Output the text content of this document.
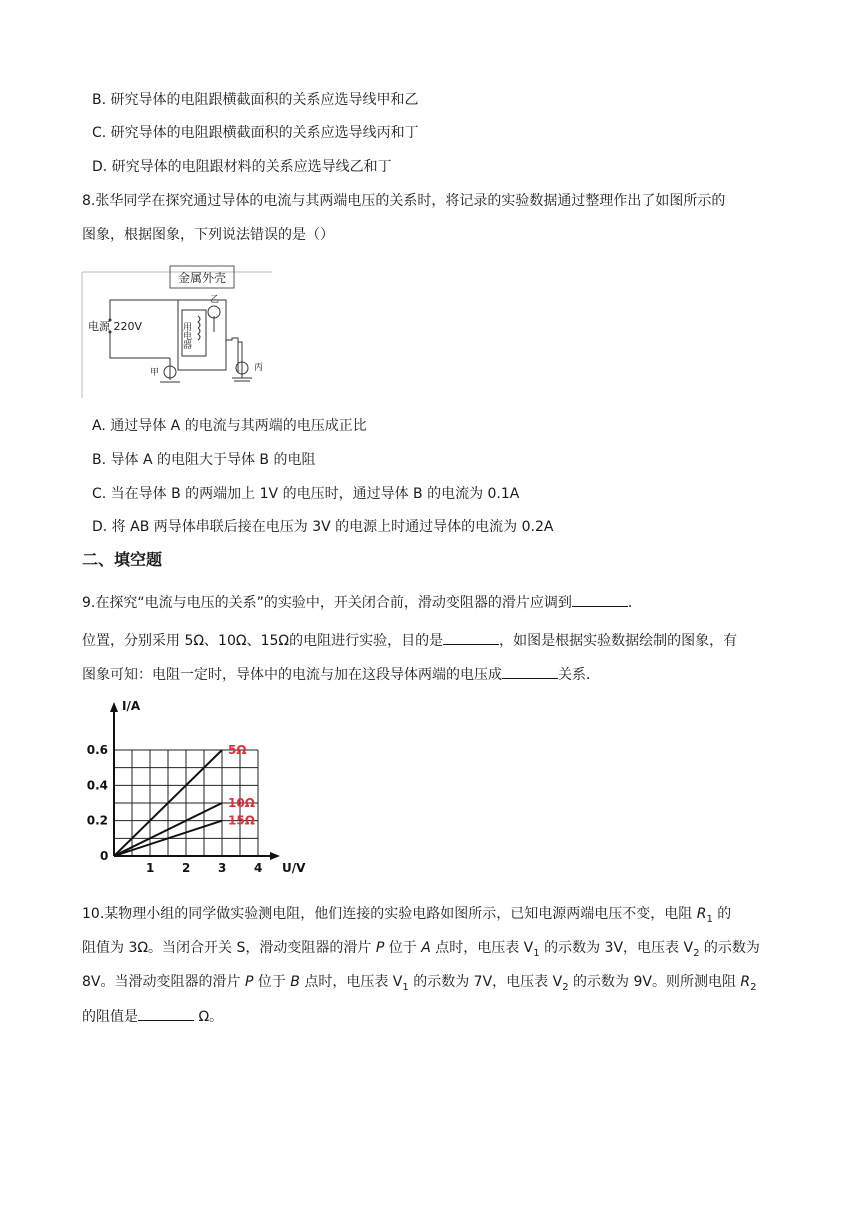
B. 研究导体的电阻跟横截面积的关系应选导线甲和乙
C. 研究导体的电阻跟横截面积的关系应选导线丙和丁
D. 研究导体的电阻跟材料的关系应选导线乙和丁
8.张华同学在探究通过导体的电流与其两端电压的关系时，将记录的实验数据通过整理作出了如图所示的
图象，根据图象，下列说法错误的是（）
金属外壳
电源 220V	用电器
乙
甲	丙
A. 通过导体 A 的电流与其两端的电压成正比
B. 导体 A 的电阻大于导体 B 的电阻
C. 当在导体 B 的两端加上 1V 的电压时，通过导体 B 的电流为 0.1A
D. 将 AB 两导体串联后接在电压为 3V 的电源上时通过导体的电流为 0.2A
二、填空题
9.在探究“电流与电压的关系”的实验中，开关闭合前，滑动变阻器的滑片应调到	.
位置，分别采用 5Ω、10Ω、15Ω的电阻进行实验，目的是	，如图是根据实验数据绘制的图象，有
图象可知：电阻一定时，导体中的电流与加在这段导体两端的电压成	关系．
5Ω
10Ω
15Ω
1 2 3 4
0.2
0.4
0.6
0
U/V
I/A
10.某物理小组的同学做实验测电阻，他们连接的实验电路如图所示，已知电源两端电压不变，电阻 $R_1$ 的
阻值为 3Ω。当闭合开关 S，滑动变阻器的滑片 P 位于 A 点时，电压表 $V_1$ 的示数为 3V，电压表 $V_2$ 的示数为
8V。当滑动变阻器的滑片 P 位于 B 点时，电压表 $V_1$ 的示数为 7V，电压表 $V_2$ 的示数为 9V。则所测电阻 $R_2$
的阻值是	Ω。
